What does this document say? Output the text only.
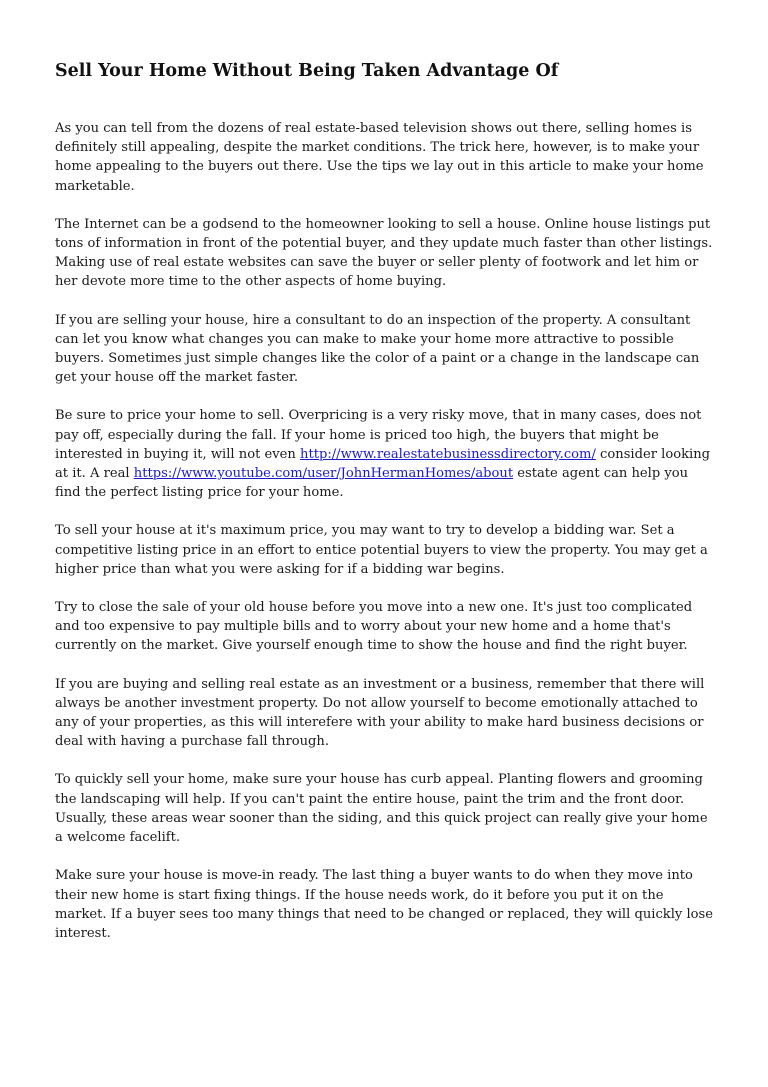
Sell Your Home Without Being Taken Advantage Of

As you can tell from the dozens of real estate-based television shows out there, selling homes is definitely still appealing, despite the market conditions. The trick here, however, is to make your home appealing to the buyers out there. Use the tips we lay out in this article to make your home marketable.

The Internet can be a godsend to the homeowner looking to sell a house. Online house listings put tons of information in front of the potential buyer, and they update much faster than other listings. Making use of real estate websites can save the buyer or seller plenty of footwork and let him or her devote more time to the other aspects of home buying.

If you are selling your house, hire a consultant to do an inspection of the property. A consultant can let you know what changes you can make to make your home more attractive to possible buyers. Sometimes just simple changes like the color of a paint or a change in the landscape can get your house off the market faster.

Be sure to price your home to sell. Overpricing is a very risky move, that in many cases, does not pay off, especially during the fall. If your home is priced too high, the buyers that might be interested in buying it, will not even http://www.realestatebusinessdirectory.com/ consider looking at it. A real https://www.youtube.com/user/JohnHermanHomes/about estate agent can help you find the perfect listing price for your home.

To sell your house at it's maximum price, you may want to try to develop a bidding war. Set a competitive listing price in an effort to entice potential buyers to view the property. You may get a higher price than what you were asking for if a bidding war begins.

Try to close the sale of your old house before you move into a new one. It's just too complicated and too expensive to pay multiple bills and to worry about your new home and a home that's currently on the market. Give yourself enough time to show the house and find the right buyer.

If you are buying and selling real estate as an investment or a business, remember that there will always be another investment property. Do not allow yourself to become emotionally attached to any of your properties, as this will interefere with your ability to make hard business decisions or deal with having a purchase fall through.

To quickly sell your home, make sure your house has curb appeal. Planting flowers and grooming the landscaping will help. If you can't paint the entire house, paint the trim and the front door. Usually, these areas wear sooner than the siding, and this quick project can really give your home a welcome facelift.

Make sure your house is move-in ready. The last thing a buyer wants to do when they move into their new home is start fixing things. If the house needs work, do it before you put it on the market. If a buyer sees too many things that need to be changed or replaced, they will quickly lose interest.
